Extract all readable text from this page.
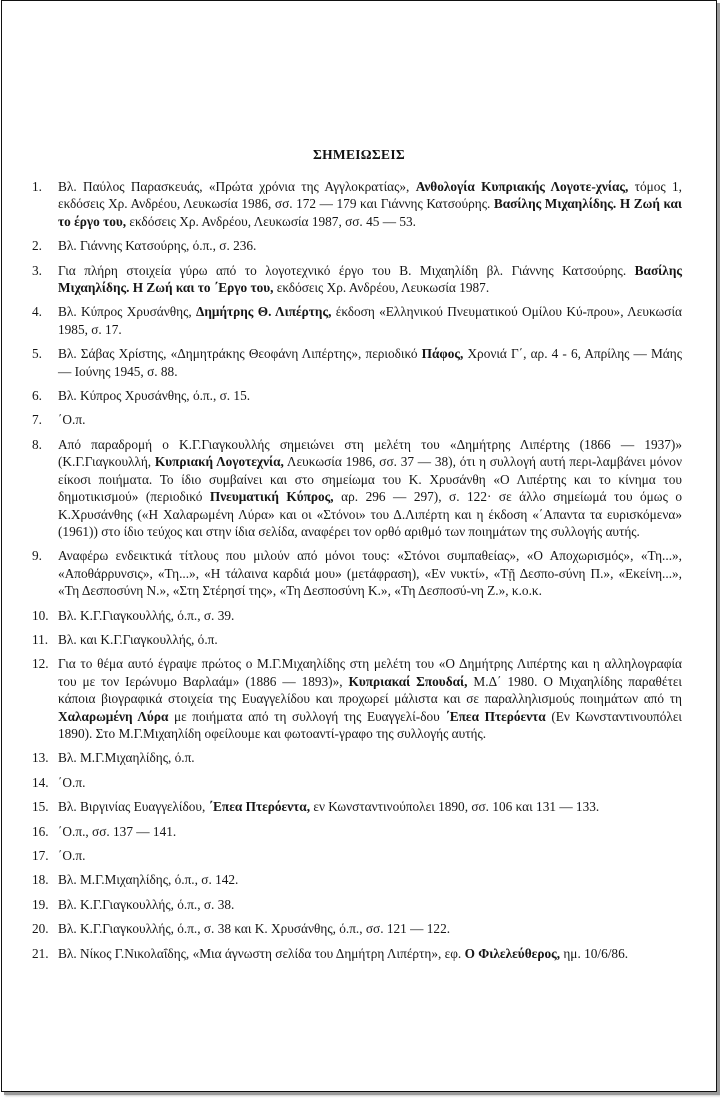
ΣΗΜΕΙΩΣΕΙΣ
1. Βλ. Παύλος Παρασκευάς, «Πρώτα χρόνια της Αγγλοκρατίας», Ανθολογία Κυπριακής Λογοτε-χνίας, τόμος 1, εκδόσεις Χρ. Ανδρέου, Λευκωσία 1986, σσ. 172 — 179 και Γιάννης Κατσούρης. Βασίλης Μιχαηλίδης. Η Ζωή και το έργο του, εκδόσεις Χρ. Ανδρέου, Λευκωσία 1987, σσ. 45 — 53.
2. Βλ. Γιάννης Κατσούρης, ό.π., σ. 236.
3. Για πλήρη στοιχεία γύρω από το λογοτεχνικό έργο του Β. Μιχαηλίδη βλ. Γιάννης Κατσούρης. Βασίλης Μιχαηλίδης. Η Ζωή και το ΄Εργο του, εκδόσεις Χρ. Ανδρέου, Λευκωσία 1987.
4. Βλ. Κύπρος Χρυσάνθης, Δημήτρης Θ. Λιπέρτης, έκδοση «Ελληνικού Πνευματικού Ομίλου Κύ-πρου», Λευκωσία 1985, σ. 17.
5. Βλ. Σάβας Χρίστης, «Δημητράκης Θεοφάνη Λιπέρτης», περιοδικό Πάφος, Χρονιά Γ΄, αρ. 4 - 6, Απρίλης — Μάης — Ιούνης 1945, σ. 88.
6. Βλ. Κύπρος Χρυσάνθης, ό.π., σ. 15.
7. ΄Ο.π.
8. Από παραδρομή ο Κ.Γ.Γιαγκουλλής σημειώνει στη μελέτη του «Δημήτρης Λιπέρτης (1866 — 1937)» (Κ.Γ.Γιαγκουλλή, Κυπριακή Λογοτεχνία, Λευκωσία 1986, σσ. 37 — 38), ότι η συλλογή αυτή περι-λαμβάνει μόνον είκοσι ποιήματα. Το ίδιο συμβαίνει και στο σημείωμα του Κ. Χρυσάνθη «Ο Λιπέρτης και το κίνημα του δημοτικισμού» (περιοδικό Πνευματική Κύπρος, αρ. 296 — 297), σ. 122· σε άλλο σημείωμά του όμως ο Κ.Χρυσάνθης («Η Χαλαρωμένη Λύρα» και οι «Στόνοι» του Δ.Λιπέρτη και η έκδοση «΄Απαντα τα ευρισκόμενα» (1961)) στο ίδιο τεύχος και στην ίδια σελίδα, αναφέρει τον ορθό αριθμό των ποιημάτων της συλλογής αυτής.
9. Αναφέρω ενδεικτικά τίτλους που μιλούν από μόνοι τους: «Στόνοι συμπαθείας», «Ο Αποχωρισμός», «Τη...», «Αποθάρρυνσις», «Τη...», «Η τάλαινα καρδιά μου» (μετάφραση), «Εν νυκτί», «Τῇ Δεσπο-σύνη Π.», «Εκείνη...», «Τη Δεσποσύνη Ν.», «Στη Στέρησί της», «Τη Δεσποσύνη Κ.», «Τη Δεσποσύ-νη Ζ.», κ.ο.κ.
10. Βλ. Κ.Γ.Γιαγκουλλής, ό.π., σ. 39.
11. Βλ. και Κ.Γ.Γιαγκουλλής, ό.π.
12. Για το θέμα αυτό έγραψε πρώτος ο Μ.Γ.Μιχαηλίδης στη μελέτη του «Ο Δημήτρης Λιπέρτης και η αλληλογραφία του με τον Ιερώνυμο Βαρλαάμ» (1886 — 1893)», Κυπριακαί Σπουδαί, Μ.Δ΄ 1980. Ο Μιχαηλίδης παραθέτει κάποια βιογραφικά στοιχεία της Ευαγγελίδου και προχωρεί μάλιστα και σε παραλληλισμούς ποιημάτων από τη Χαλαρωμένη Λύρα με ποιήματα από τη συλλογή της Ευαγγελί-δου ΄Επεα Πτερόεντα (Εν Κωνσταντινουπόλει 1890). Στο Μ.Γ.Μιχαηλίδη οφείλουμε και φωτοαντί-γραφο της συλλογής αυτής.
13. Βλ. Μ.Γ.Μιχαηλίδης, ό.π.
14. ΄Ο.π.
15. Βλ. Βιργινίας Ευαγγελίδου, ΄Επεα Πτερόεντα, εν Κωνσταντινούπολει 1890, σσ. 106 και 131 — 133.
16. ΄Ο.π., σσ. 137 — 141.
17. ΄Ο.π.
18. Βλ. Μ.Γ.Μιχαηλίδης, ό.π., σ. 142.
19. Βλ. Κ.Γ.Γιαγκουλλής, ό.π., σ. 38.
20. Βλ. Κ.Γ.Γιαγκουλλής, ό.π., σ. 38 και Κ. Χρυσάνθης, ό.π., σσ. 121 — 122.
21. Βλ. Νίκος Γ.Νικολαΐδης, «Μια άγνωστη σελίδα του Δημήτρη Λιπέρτη», εφ. Ο Φιλελεύθερος, ημ. 10/6/86.
